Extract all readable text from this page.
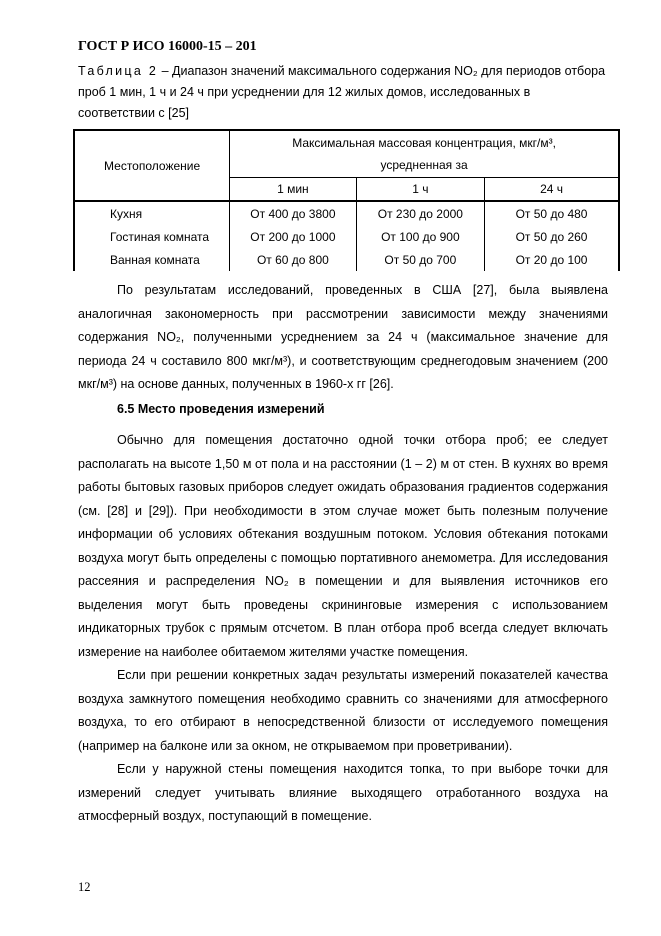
ГОСТ Р ИСО 16000-15 – 201
Таблица 2 – Диапазон значений максимального содержания NO₂ для периодов отбора проб 1 мин, 1 ч и 24 ч при усреднении для 12 жилых домов, исследованных в соответствии с [25]
Местоположение	Максимальная массовая концентрация, мкг/м³,
усредненная за		

	1 мин	1 ч	24 ч
Кухня	От 400 до 3800	От 230 до 2000	От 50 до 480
Гостиная комната	От 200 до 1000	От 100 до 900	От 50 до 260
Ванная комната	От 60 до 800	От 50 до 700	От 20 до 100

По результатам исследований, проведенных в США [27], была выявлена аналогичная закономерность при рассмотрении зависимости между значениями содержания NO₂, полученными усреднением за 24 ч (максимальное значение для периода 24 ч составило 800 мкг/м³), и соответствующим среднегодовым значением (200 мкг/м³) на основе данных, полученных в 1960-х гг [26].

6.5 Место проведения измерений

Обычно для помещения достаточно одной точки отбора проб; ее следует располагать на высоте 1,50 м от пола и на расстоянии (1 – 2) м от стен. В кухнях во время работы бытовых газовых приборов следует ожидать образования градиентов содержания (см. [28] и [29]). При необходимости в этом случае может быть полезным получение информации об условиях обтекания воздушным потоком. Условия обтекания потоками воздуха могут быть определены с помощью портативного анемометра. Для исследования рассеяния и распределения NO₂ в помещении и для выявления источников его выделения могут быть проведены скрининговые измерения с использованием индикаторных трубок с прямым отсчетом. В план отбора проб всегда следует включать измерение на наиболее обитаемом жителями участке помещения.

Если при решении конкретных задач результаты измерений показателей качества воздуха замкнутого помещения необходимо сравнить со значениями для атмосферного воздуха, то его отбирают в непосредственной близости от исследуемого помещения (например на балконе или за окном, не открываемом при проветривании).

Если у наружной стены помещения находится топка, то при выборе точки для измерений следует учитывать влияние выходящего отработанного воздуха на атмосферный воздух, поступающий в помещение.

12
